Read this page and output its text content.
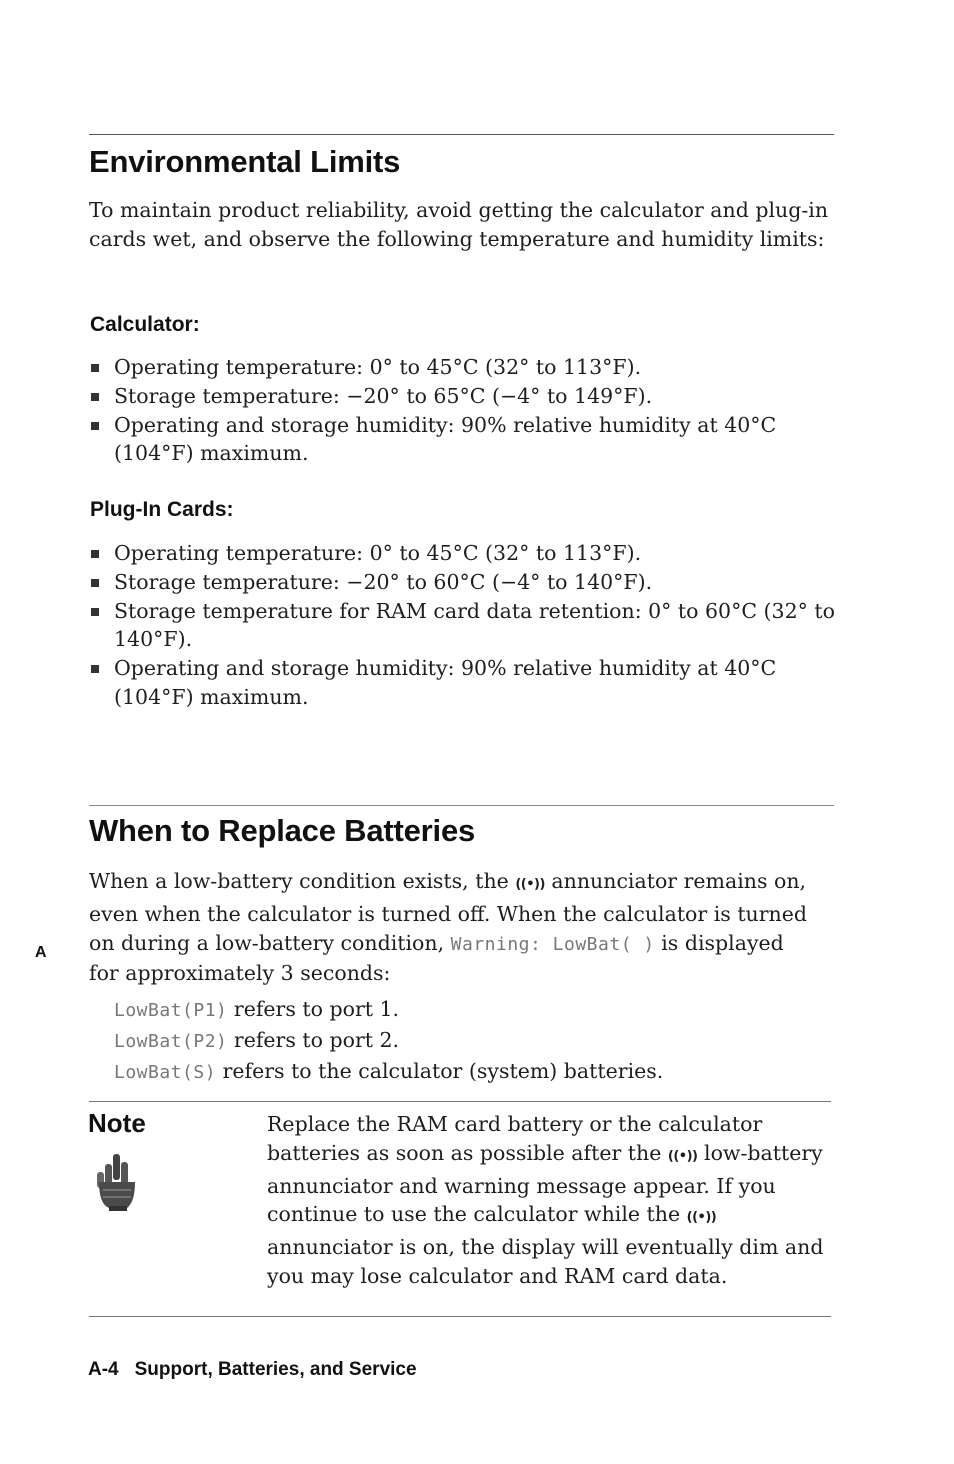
Environmental Limits

To maintain product reliability, avoid getting the calculator and plug-in cards wet, and observe the following temperature and humidity limits:

Calculator:
Operating temperature: 0° to 45°C (32° to 113°F).
Storage temperature: −20° to 65°C (−4° to 149°F).
Operating and storage humidity: 90% relative humidity at 40°C (104°F) maximum.
Plug-In Cards:
Operating temperature: 0° to 45°C (32° to 113°F).
Storage temperature: −20° to 60°C (−4° to 140°F).
Storage temperature for RAM card data retention: 0° to 60°C (32° to 140°F).
Operating and storage humidity: 90% relative humidity at 40°C (104°F) maximum.
When to Replace Batteries
A

When a low-battery condition exists, the ((•)) annunciator remains on, even when the calculator is turned off. When the calculator is turned on during a low-battery condition, Warning: LowBat( ) is displayed for approximately 3 seconds:

LowBat(P1) refers to port 1.
LowBat(P2) refers to port 2.
LowBat(S) refers to the calculator (system) batteries.
Note	Replace the RAM card battery or the calculator batteries as soon as possible after the ((•)) low-battery annunciator and warning message appear. If you continue to use the calculator while the ((•)) annunciator is on, the display will eventually dim and you may lose calculator and RAM card data.

A-4 Support, Batteries, and Service
